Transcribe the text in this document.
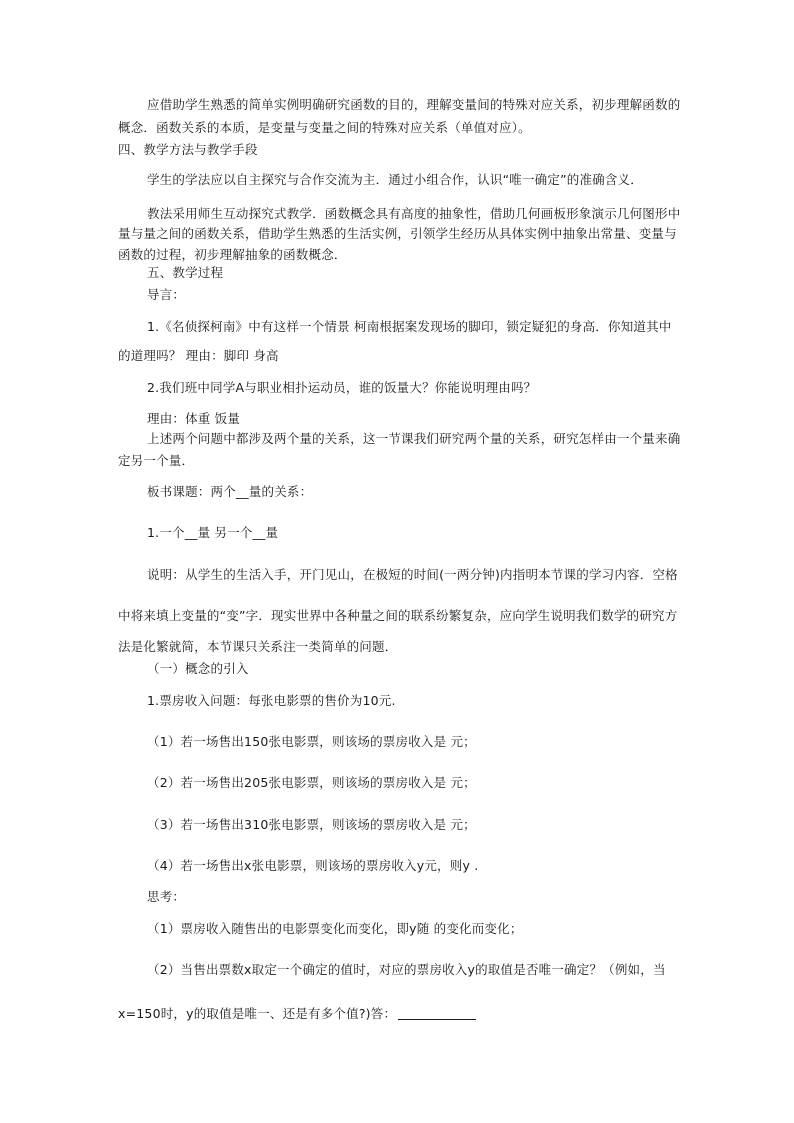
应借助学生熟悉的简单实例明确研究函数的目的，理解变量间的特殊对应关系，初步理解函数的
概念．函数关系的本质，是变量与变量之间的特殊对应关系（单值对应）。
四、教学方法与教学手段
学生的学法应以自主探究与合作交流为主．通过小组合作，认识“唯一确定”的准确含义．
教法采用师生互动探究式教学．函数概念具有高度的抽象性，借助几何画板形象演示几何图形中
量与量之间的函数关系，借助学生熟悉的生活实例，引领学生经历从具体实例中抽象出常量、变量与
函数的过程，初步理解抽象的函数概念．
五、教学过程
导言：
1.《名侦探柯南》中有这样一个情景 柯南根据案发现场的脚印，锁定疑犯的身高．你知道其中
的道理吗？ 理由：脚印 身高
2.我们班中同学A与职业相扑运动员，谁的饭量大？你能说明理由吗？
理由：体重 饭量
上述两个问题中都涉及两个量的关系，这一节课我们研究两个量的关系，研究怎样由一个量来确
定另一个量．
板书课题：两个__量的关系：
1.一个__量 另一个__量
说明：从学生的生活入手，开门见山，在极短的时间(一两分钟)内指明本节课的学习内容．空格
中将来填上变量的“变”字．现实世界中各种量之间的联系纷繁复杂，应向学生说明我们数学的研究方
法是化繁就简，本节课只关系注一类简单的问题．
（一）概念的引入
1.票房收入问题：每张电影票的售价为10元.
（1）若一场售出150张电影票，则该场的票房收入是 元；
（2）若一场售出205张电影票，则该场的票房收入是 元；
（3）若一场售出310张电影票，则该场的票房收入是 元；
（4）若一场售出x张电影票，则该场的票房收入y元，则y .
思考：
（1）票房收入随售出的电影票变化而变化，即y随 的变化而变化；
（2）当售出票数x取定一个确定的值时，对应的票房收入y的取值是否唯一确定？（例如，当
x=150时，y的取值是唯一、还是有多个值?)答：
